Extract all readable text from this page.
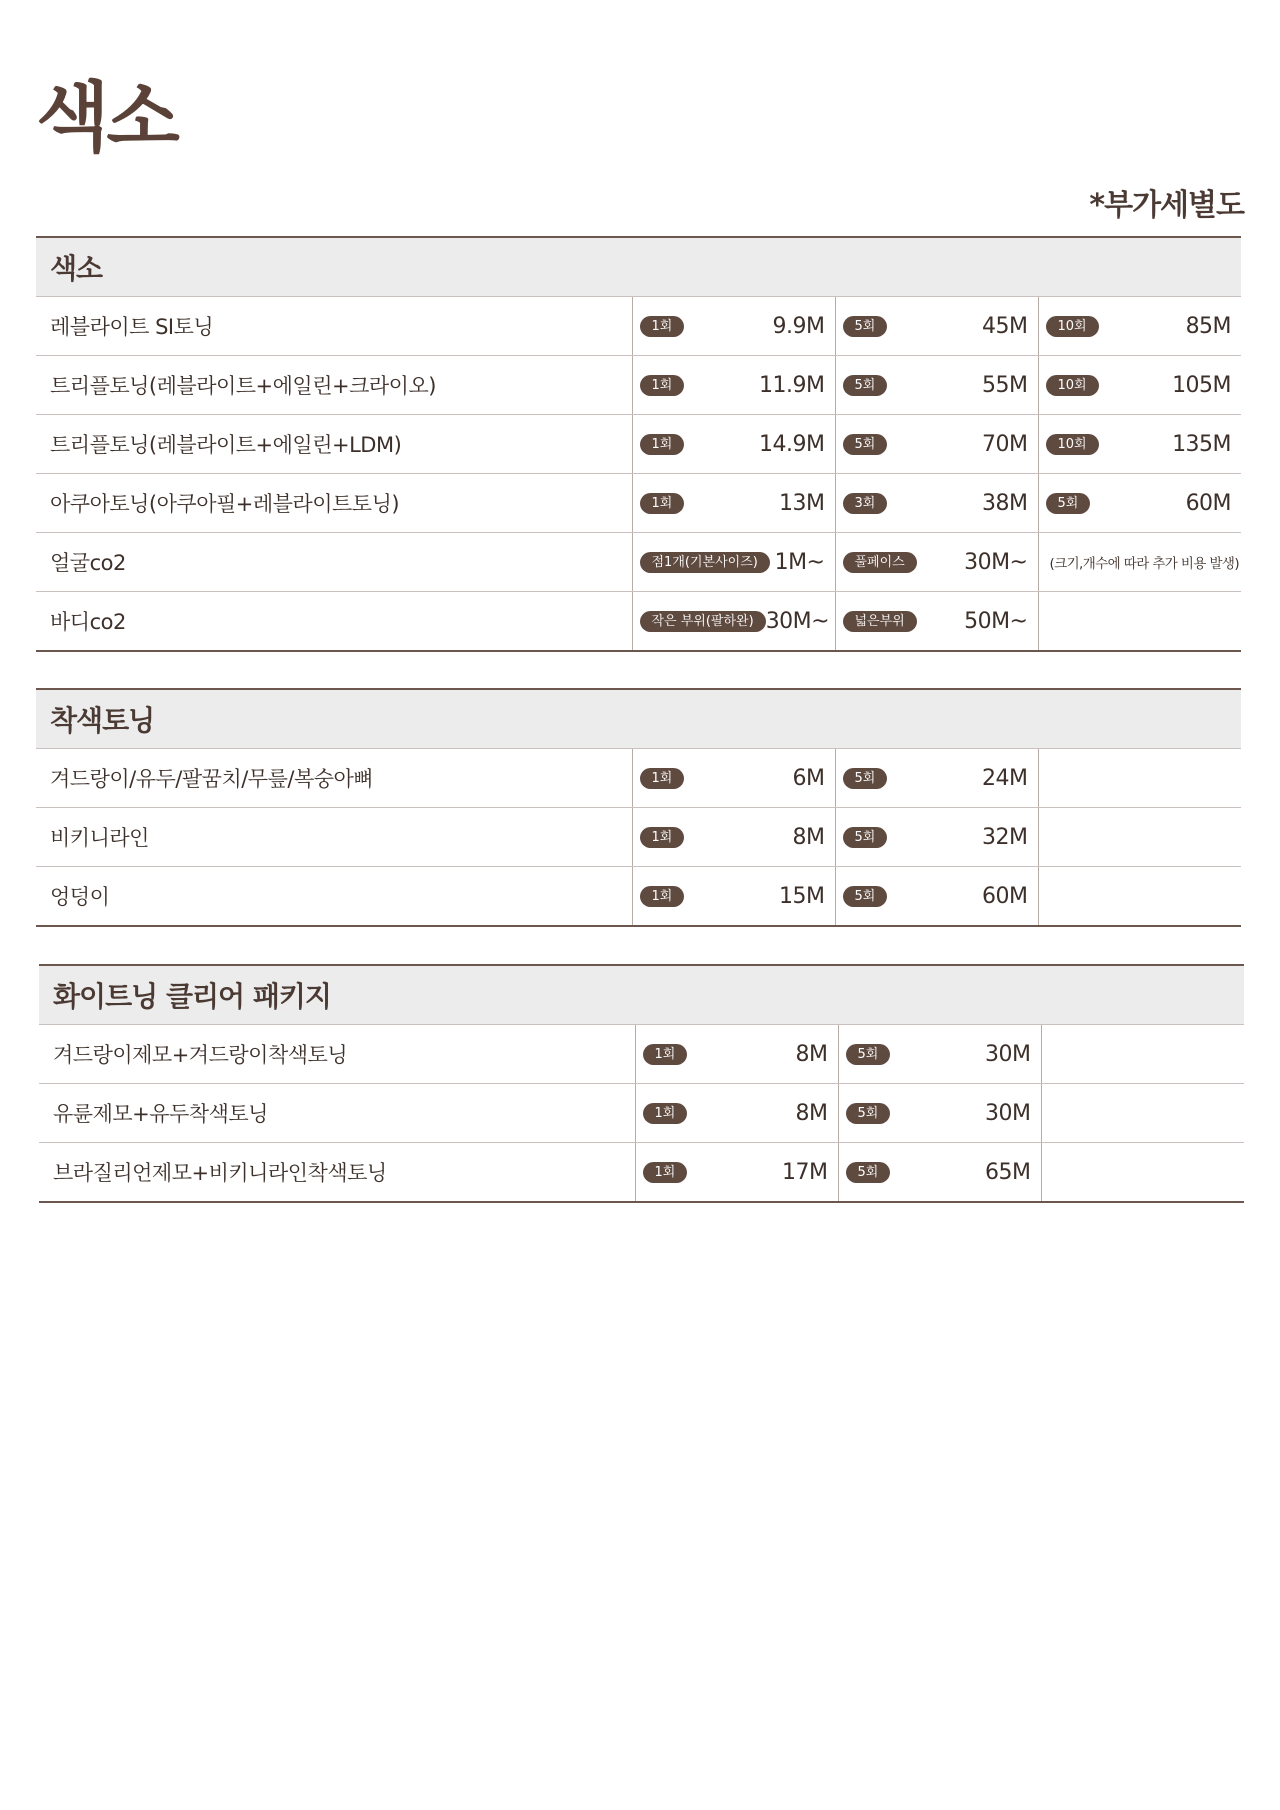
색소
*부가세별도
색소			
레블라이트 SI토닝	1회 9.9M	5회 45M	10회 85M

트리플토닝(레블라이트+에일린+크라이오)	1회 11.9M	5회 55M	10회 105M

트리플토닝(레블라이트+에일린+LDM)	1회 14.9M	5회 70M	10회 135M

아쿠아토닝(아쿠아필+레블라이트토닝)	1회 13M	3회 38M	5회 60M

얼굴co2	점1개(기본사이즈) 1M~	풀페이스 30M~	(크기,개수에 따라 추가 비용 발생)

바디co2	작은 부위(팔하완) 30M~	넓은부위 50M~	

착색토닝			
겨드랑이/유두/팔꿈치/무릎/복숭아뼈	1회 6M	5회 24M	

비키니라인	1회 8M	5회 32M	

엉덩이	1회 15M	5회 60M	

화이트닝 클리어 패키지			
겨드랑이제모+겨드랑이착색토닝	1회 8M	5회 30M	

유륜제모+유두착색토닝	1회 8M	5회 30M	

브라질리언제모+비키니라인착색토닝	1회 17M	5회 65M	
